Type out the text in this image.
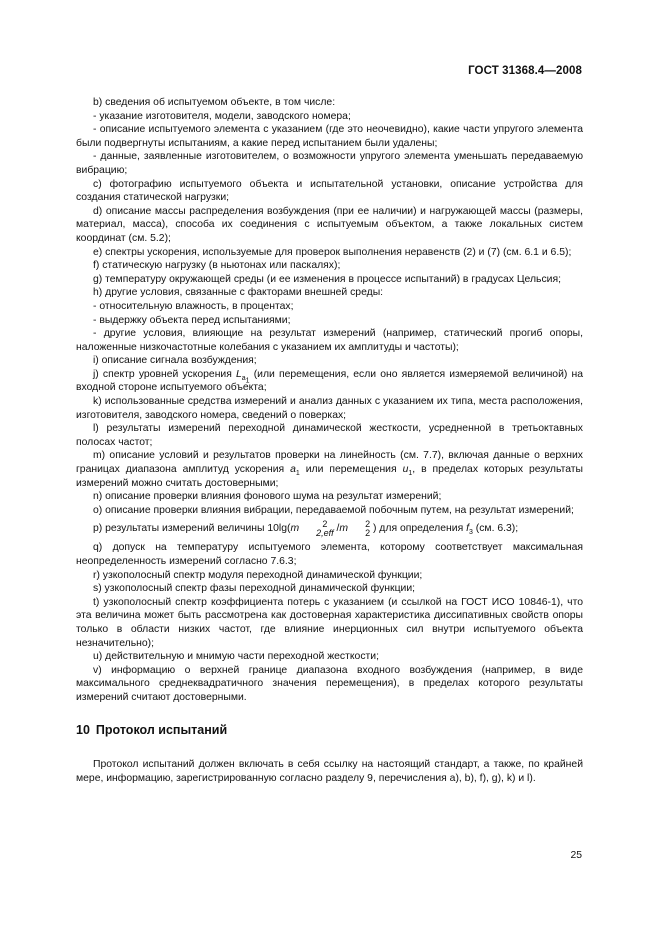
ГОСТ 31368.4—2008

b) сведения об испытуемом объекте, в том числе:

- указание изготовителя, модели, заводского номера;

- описание испытуемого элемента с указанием (где это неочевидно), какие части упругого элемента были подвергнуты испытаниям, а какие перед испытанием были удалены;

- данные, заявленные изготовителем, о возможности упругого элемента уменьшать передаваемую вибрацию;

c) фотографию испытуемого объекта и испытательной установки, описание устройства для создания статической нагрузки;

d) описание массы распределения возбуждения (при ее наличии) и нагружающей массы (размеры, материал, масса), способа их соединения с испытуемым объектом, а также локальных систем координат (см. 5.2);

e) спектры ускорения, используемые для проверок выполнения неравенств (2) и (7) (см. 6.1 и 6.5);

f) статическую нагрузку (в ньютонах или паскалях);

g) температуру окружающей среды (и ее изменения в процессе испытаний) в градусах Цельсия;

h) другие условия, связанные с факторами внешней среды:

- относительную влажность, в процентах;

- выдержку объекта перед испытаниями;

- другие условия, влияющие на результат измерений (например, статический прогиб опоры, наложенные низкочастотные колебания с указанием их амплитуды и частоты);

i) описание сигнала возбуждения;

j) спектр уровней ускорения $L_{a_1}$ (или перемещения, если оно является измеряемой величиной) на входной стороне испытуемого объекта;

k) использованные средства измерений и анализ данных с указанием их типа, места расположения, изготовителя, заводского номера, сведений о поверках;

l) результаты измерений переходной динамической жесткости, усредненной в третьоктавных полосах частот;

m) описание условий и результатов проверки на линейность (см. 7.7), включая данные о верхних границах диапазона амплитуд ускорения $a_1$ или перемещения $u_1$, в пределах которых результаты измерений можно считать достоверными;

n) описание проверки влияния фонового шума на результат измерений;

o) описание проверки влияния вибрации, передаваемой побочным путем, на результат измерений;

p) результаты измерений величины 10lg(m	2
2,eff /m	2
2 ) для определения $f_3$ (см. 6.3);

q) допуск на температуру испытуемого элемента, которому соответствует максимальная неопределенность измерений согласно 7.6.3;

r) узкополосный спектр модуля переходной динамической функции;

s) узкополосный спектр фазы переходной динамической функции;

t) узкополосный спектр коэффициента потерь с указанием (и ссылкой на ГОСТ ИСО 10846-1), что эта величина может быть рассмотрена как достоверная характеристика диссипативных свойств опоры только в области низких частот, где влияние инерционных сил внутри испытуемого объекта незначительно);

u) действительную и мнимую части переходной жесткости;

v) информацию о верхней границе диапазона входного возбуждения (например, в виде максимального среднеквадратичного значения перемещения), в пределах которого результаты измерений считают достоверными.

10 Протокол испытаний

Протокол испытаний должен включать в себя ссылку на настоящий стандарт, а также, по крайней мере, информацию, зарегистрированную согласно разделу 9, перечисления a), b), f), g), k) и l).

25
